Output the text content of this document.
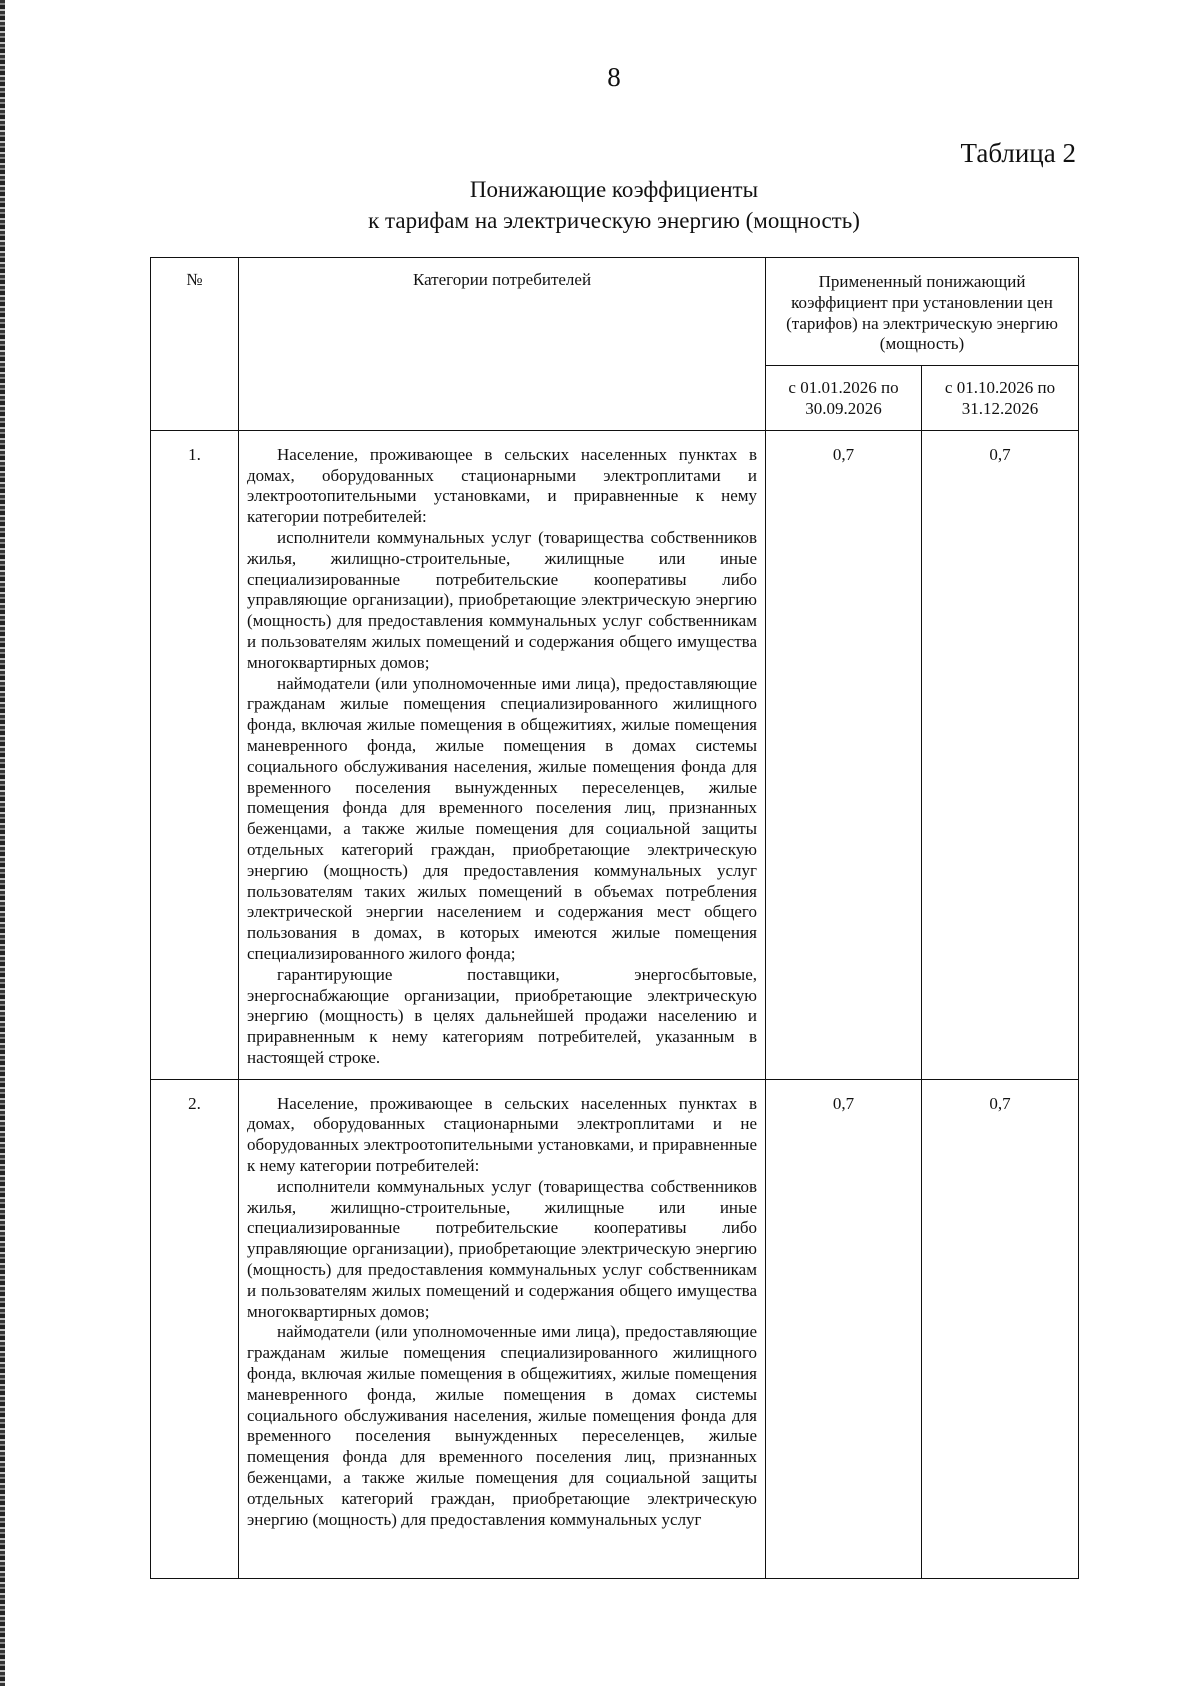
8
Таблица 2
Понижающие коэффициенты
к тарифам на электрическую энергию (мощность)
№	Категории потребителей	Примененный понижающий коэффициент при установлении цен (тарифов) на электрическую энергию (мощность)	
		с 01.01.2026 по 30.09.2026	с 01.10.2026 по 31.12.2026
1.	Население, проживающее в сельских населенных пунктах в домах, оборудованных стационарными электроплитами и электроотопительными установками, и приравненные к нему категории потребителей:

исполнители коммунальных услуг (товарищества собственников жилья, жилищно-строительные, жилищные или иные специализированные потребительские кооперативы либо управляющие организации), приобретающие электрическую энергию (мощность) для предоставления коммунальных услуг собственникам и пользователям жилых помещений и содержания общего имущества многоквартирных домов;

наймодатели (или уполномоченные ими лица), предоставляющие гражданам жилые помещения специализированного жилищного фонда, включая жилые помещения в общежитиях, жилые помещения маневренного фонда, жилые помещения в домах системы социального обслуживания населения, жилые помещения фонда для временного поселения вынужденных переселенцев, жилые помещения фонда для временного поселения лиц, признанных беженцами, а также жилые помещения для социальной защиты отдельных категорий граждан, приобретающие электрическую энергию (мощность) для предоставления коммунальных услуг пользователям таких жилых помещений в объемах потребления электрической энергии населением и содержания мест общего пользования в домах, в которых имеются жилые помещения специализированного жилого фонда;

гарантирующие поставщики, энергосбытовые, энергоснабжающие организации, приобретающие электрическую энергию (мощность) в целях дальнейшей продажи населению и приравненным к нему категориям потребителей, указанным в настоящей строке.	0,7	0,7
2.	Население, проживающее в сельских населенных пунктах в домах, оборудованных стационарными электроплитами и не оборудованных электроотопительными установками, и приравненные к нему категории потребителей:

исполнители коммунальных услуг (товарищества собственников жилья, жилищно-строительные, жилищные или иные специализированные потребительские кооперативы либо управляющие организации), приобретающие электрическую энергию (мощность) для предоставления коммунальных услуг собственникам и пользователям жилых помещений и содержания общего имущества многоквартирных домов;

наймодатели (или уполномоченные ими лица), предоставляющие гражданам жилые помещения специализированного жилищного фонда, включая жилые помещения в общежитиях, жилые помещения маневренного фонда, жилые помещения в домах системы социального обслуживания населения, жилые помещения фонда для временного поселения вынужденных переселенцев, жилые помещения фонда для временного поселения лиц, признанных беженцами, а также жилые помещения для социальной защиты отдельных категорий граждан, приобретающие электрическую энергию (мощность) для предоставления коммунальных услуг	0,7	0,7
